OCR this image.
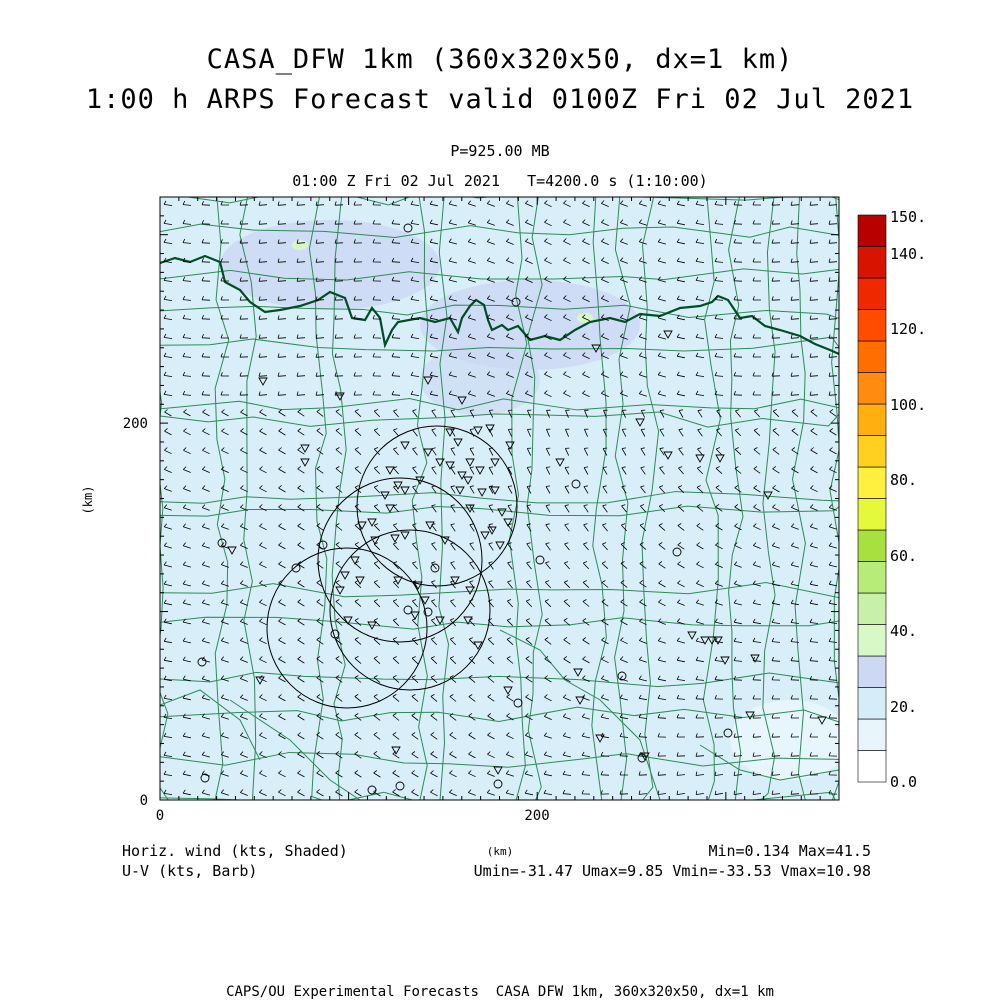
CASA_DFW 1km (360x320x50, dx=1 km)
1:00 h ARPS Forecast valid 0100Z Fri 02 Jul 2021
P=925.00 MB
01:00 Z Fri 02 Jul 2021   T=4200.0 s (1:10:00)
0
200
0	200
(km)
(km)
150.
140.
120.
100.
80.
60.
40.
20.
0.0
Horiz. wind (kts, Shaded)
U-V (kts, Barb)
Min=0.134 Max=41.5
Umin=-31.47 Umax=9.85 Vmin=-33.53 Vmax=10.98
CAPS/OU Experimental Forecasts  CASA DFW 1km, 360x320x50, dx=1 km
